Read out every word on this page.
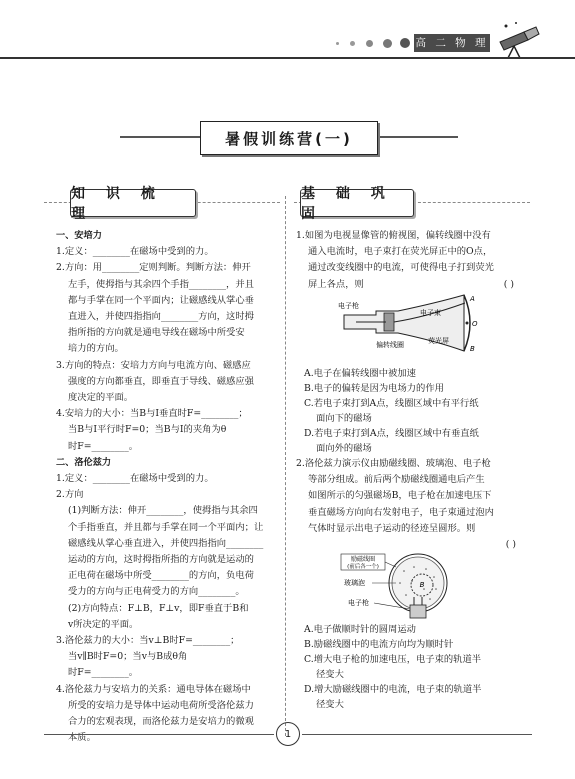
高 二 物 理
暑假训练营(一)
知 识 梳 理
基 础 巩 固
一、安培力
1.定义：________在磁场中受到的力。
2.方向：用________定则判断。判断方法：伸开
左手，使拇指与其余四个手指________，并且
都与手掌在同一个平面内；让磁感线从掌心垂
直进入，并使四指指向________方向，这时拇
指所指的方向就是通电导线在磁场中所受安
培力的方向。
3.方向的特点：安培力方向与电流方向、磁感应
强度的方向都垂直，即垂直于导线、磁感应强
度决定的平面。
4.安培力的大小：当B与I垂直时F=________；
当B与I平行时F=0；当B与I的夹角为θ
时F=________。
二、洛伦兹力
1.定义：________在磁场中受到的力。
2.方向
(1)判断方法：伸开________，使拇指与其余四
个手指垂直，并且都与手掌在同一个平面内；让
磁感线从掌心垂直进入，并使四指指向________
运动的方向，这时拇指所指的方向就是运动的
正电荷在磁场中所受________的方向，负电荷
受力的方向与正电荷受力的方向________。
(2)方向特点：F⊥B，F⊥v，即F垂直于B和
v所决定的平面。
3.洛伦兹力的大小：当v⊥B时F=________；
当v∥B时F=0；当v与B成θ角
时F=________。
4.洛伦兹力与安培力的关系：通电导体在磁场中
所受的安培力是导体中运动电荷所受洛伦兹力
合力的宏观表现，而洛伦兹力是安培力的微观
本质。
1.如图为电视显像管的俯视图，偏转线圈中没有
通入电流时，电子束打在荧光屏正中的O点，
通过改变线圈中的电流，可使得电子打到荧光
屏上各点，则	( )
电子枪
电子束
偏转线圈	荧光屏
A
O
B
A.电子在偏转线圈中被加速
B.电子的偏转是因为电场力的作用
C.若电子束打到A点，线圈区域中有平行纸
面向下的磁场
D.若电子束打到A点，线圈区域中有垂直纸
面向外的磁场
2.洛伦兹力演示仪由励磁线圈、玻璃泡、电子枪
等部分组成。前后两个励磁线圈通电后产生
如图所示的匀强磁场B，电子枪在加速电压下
垂直磁场方向向右发射电子，电子束通过泡内
气体时显示出电子运动的径迹呈圆形。则
( )
B
励磁线圈
(前后各一个)
玻璃泡
电子枪
A.电子做顺时针的圆周运动
B.励磁线圈中的电流方向均为顺时针
C.增大电子枪的加速电压，电子束的轨道半
径变大
D.增大励磁线圈中的电流，电子束的轨道半
径变大
1
